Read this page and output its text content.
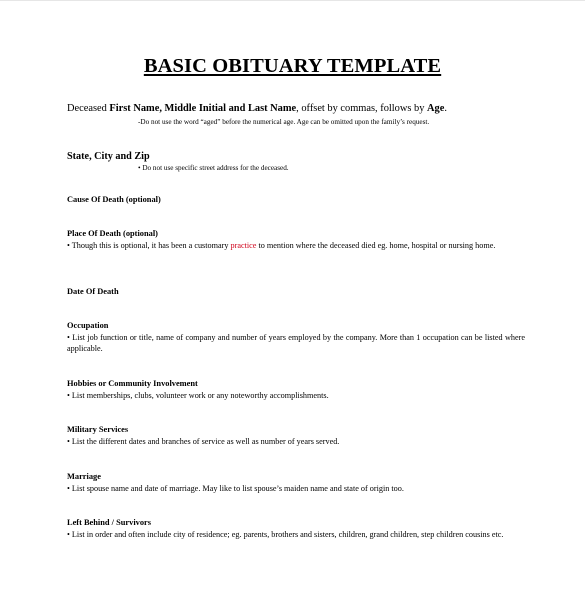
BASIC OBITUARY TEMPLATE
Deceased First Name, Middle Initial and Last Name, offset by commas, follows by Age.
-Do not use the word “aged” before the numerical age. Age can be omitted upon the family’s request.
State, City and Zip
• Do not use specific street address for the deceased.
Cause Of Death (optional)
Place Of Death (optional)
• Though this is optional, it has been a customary practice to mention where the deceased died eg. home, hospital or nursing home.
Date Of Death
Occupation
• List job function or title, name of company and number of years employed by the company. More than 1 occupation can be listed where applicable.
Hobbies or Community Involvement
• List memberships, clubs, volunteer work or any noteworthy accomplishments.
Military Services
• List the different dates and branches of service as well as number of years served.
Marriage
• List spouse name and date of marriage. May like to list spouse’s maiden name and state of origin too.
Left Behind / Survivors
• List in order and often include city of residence; eg. parents, brothers and sisters, children, grand children, step children cousins etc.
